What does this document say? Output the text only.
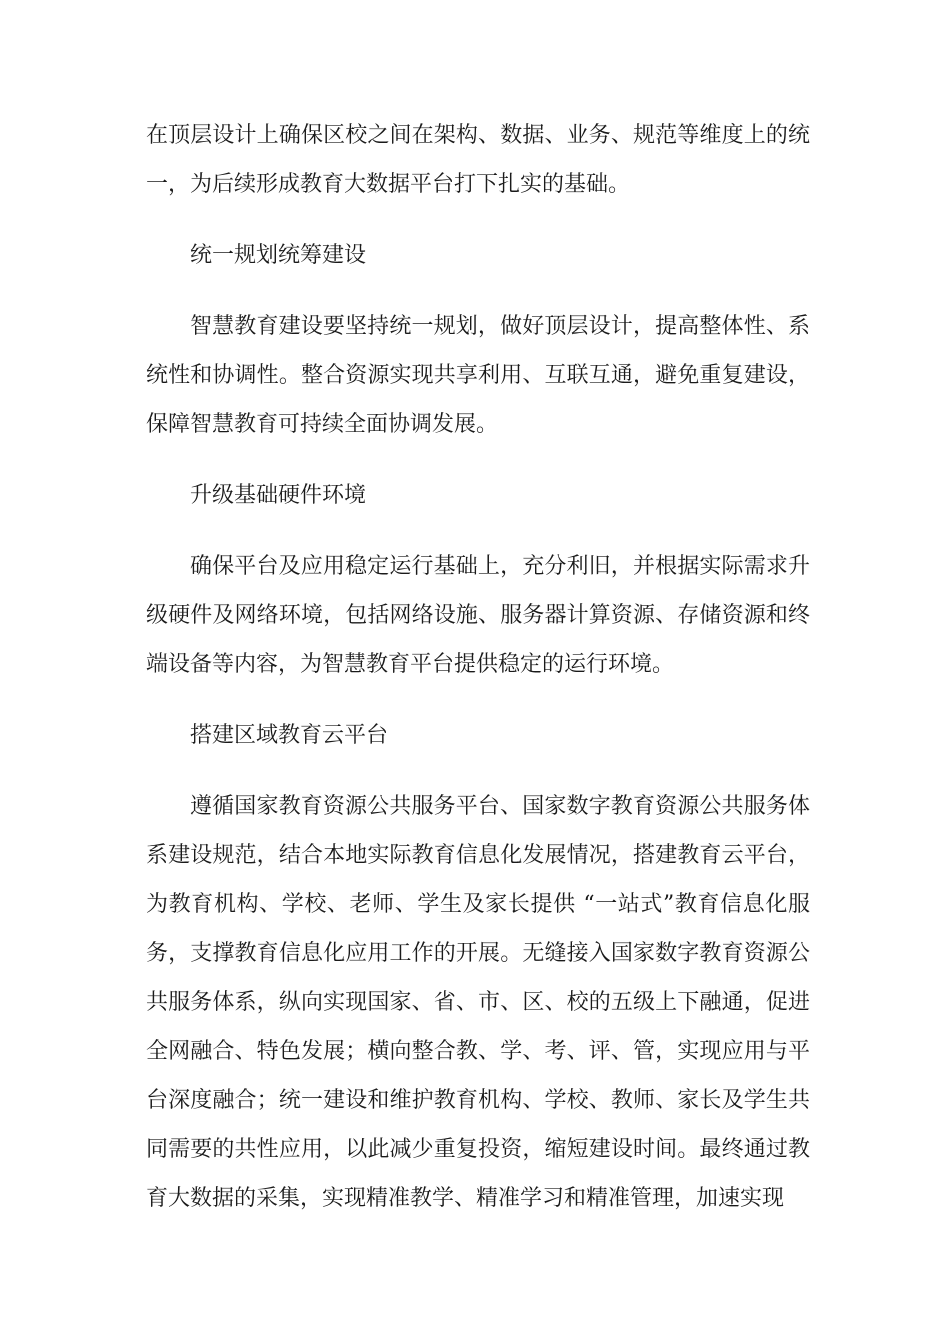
在顶层设计上确保区校之间在架构、数据、业务、规范等维度上的统一，为后续形成教育大数据平台打下扎实的基础。

统一规划统筹建设

智慧教育建设要坚持统一规划，做好顶层设计，提高整体性、系统性和协调性。整合资源实现共享利用、互联互通，避免重复建设，保障智慧教育可持续全面协调发展。

升级基础硬件环境

确保平台及应用稳定运行基础上，充分利旧，并根据实际需求升级硬件及网络环境，包括网络设施、服务器计算资源、存储资源和终端设备等内容，为智慧教育平台提供稳定的运行环境。

搭建区域教育云平台

遵循国家教育资源公共服务平台、国家数字教育资源公共服务体系建设规范，结合本地实际教育信息化发展情况，搭建教育云平台，为教育机构、学校、老师、学生及家长提供 “一站式”教育信息化服务，支撑教育信息化应用工作的开展。无缝接入国家数字教育资源公共服务体系，纵向实现国家、省、市、区、校的五级上下融通，促进全网融合、特色发展；横向整合教、学、考、评、管，实现应用与平台深度融合；统一建设和维护教育机构、学校、教师、家长及学生共同需要的共性应用，以此减少重复投资，缩短建设时间。最终通过教育大数据的采集，实现精准教学、精准学习和精准管理，加速实现
